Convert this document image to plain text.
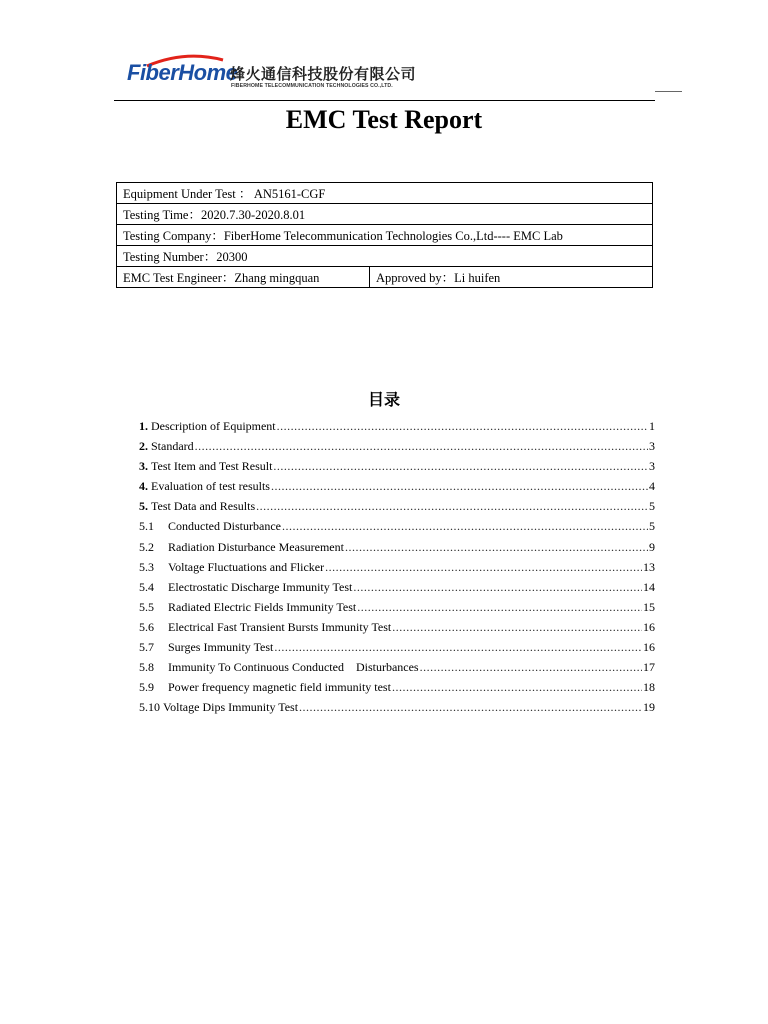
FiberHome
烽火通信科技股份有限公司
FIBERHOME TELECOMMUNICATION TECHNOLOGIES CO.,LTD.
EMC Test Report
Equipment Under Test ： AN5161-CGF
Testing Time：2020.7.30-2020.8.01
Testing Company：FiberHome Telecommunication Technologies Co.,Ltd---- EMC Lab
Testing Number：20300
EMC Test Engineer：Zhang mingquan	Approved by：Li huifen
目录
1. Description of Equipment .....	1
2. Standard .....	3
3. Test Item and Test Result .....	3
4. Evaluation of test results .....	4
5. Test Data and Results .....	5
5.1	Conducted Disturbance .....	5
5.2	Radiation Disturbance Measurement .....	9
5.3	Voltage Fluctuations and Flicker .....	13
5.4	Electrostatic Discharge Immunity Test .....	14
5.5	Radiated Electric Fields Immunity Test .....	15
5.6	Electrical Fast Transient Bursts Immunity Test .....	16
5.7	Surges Immunity Test .....	16
5.8	Immunity To Continuous Conducted    Disturbances .....	17
5.9	Power frequency magnetic field immunity test .....	18
5.10 Voltage Dips Immunity Test .....	19
